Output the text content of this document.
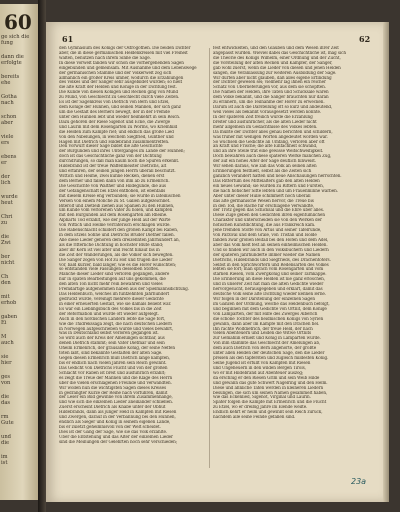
60
ge sich die
fung
dann die
erfolgte
bereits
ehe
Gotha
nach
schon
aber
viele
ers
ebens
er
der
lich
wurde
heut
Chri
zu
die
Zwi
ber
nicht
Ch
den
mit
erhob
gaben
Ei
M
auch
sie
hier
ges
von
die
das
rm
Gute
und
die
im
ist
61	62
den Gymnasium des Königs der Ostrogothen. Die beiden Dichter
aber, die in diese germanischen Heldenkreisen mit viel Freiheit
walten, benutzen nach ihrem Sinne die Sage.
In diese Vorwelt fanden wir schon die vorhergehenden Sagen
eingebunden und gemeinsam. Mit Ausnahme und dem Lebenswege
der germanischen Stämme und der Völkerwelt zog sich
allmählich ein großer Kreis umher, wodurch die Erzählungen
des Volkes und der Sänger sehr ausgebildet wurden; so hielt
die alte Kraft der Helden und Könige in der Dichtung fest.
Die Kunde von diesen Königen und Recken ging von Mund
zu Mund, von Geschlecht zu Geschlecht durch viele Zeiten.
Es ist der Sagenkreis von Dietrich von Bern und Etzel,
dem Könige der Hunnen, und seinen Mannen, der sich ganz
um die Gestalt des Berners bewegt, der in der Fremde
unter den Hunnen lebt und wieder heimkehrt in sein Reich.
Dazu gehören der Riese Sigenot und Ecke, die Zwerge
und Laurin mit dem Rosengarten zu Worms, wo Kriemhild
die Helden zum Kampfe rief; und endlich das große Lied
von den Nibelungen, in welchem Siegfried, Gunther und
Hagen mit Dietrich und Hildebrand zusammentreffen.
Den Vorwurf dieser Sage bildet die alte Geschichte
der Burgunden und ihres Unterganges im Lande der Hunnen;
doch ist das Geschichtliche ganz von der Dichtung
durchdrungen, so daß man kaum noch die Spuren erkennt.
Hildebrand ist der treue Waffenmeister Dietrichs, alt
und erfahren, der seinen jungen Herrn überall beschützt.
Wittich und Heime, zwei kühne Recken, dienen erst
dem Berner und fallen dann von ihm ab zu Ermenrich.
Die Geschichte von Walther und Hildegunde, die aus
der Gefangenschaft bei Etzel entflohen, ist ebenfalls
mit diesem Kreise eng verbunden; sie wurde in lateinischen
Versen von einem Mönche zu St. Gallen aufgezeichnet.
Biterolf und Dietleib ziehen aus Spanien zu den Hunnen,
um Kunde vom verlorenen Vater zu holen, und kämpfen
mit den Burgunden auf dem Rosengarten am Rheine.
Alpharts Tod erzählt, wie der junge Held auf der Warte
von Wittich und Heime verräterisch erschlagen wurde.
Die Rabenschlacht schildert den großen Kampf bei Raben,
in dem Etzels Söhne und Dietrichs Bruder Diether fallen.
Alle diese Lieder gehören dem dreizehnten Jahrhundert an,
als die ritterliche Dichtung in höchster Blüte stand;
aber ihr Kern ist viel älter und reicht hinauf bis in
die Zeit der Wanderungen, als die Völker sich bewegten.
Die Sänger zogen von Hof zu Hof und trugen die Lieder
vor, bald kürzer, bald länger, wie es die Hörer wünschten;
so entstanden viele Fassungen desselben Stoffes.
Manche dieser Lieder sind verloren gegangen, andere
nur in späten Bearbeitungen auf uns gekommen, die
den alten Ton nicht mehr rein bewahren und vieles
Fremdartige aufgenommen haben aus der Spielmannsdichtung.
Das Heldenbuch, welches im fünfzehnten Jahrhundert
gedruckt wurde, vereinigt mehrere dieser Gedichte
in einer erneuerten Gestalt, wie sie damals beliebt war.
Es war ein Lieblingsbuch des Volkes bis in die Zeit
der Reformation und wurde oft wieder aufgelegt.
Auch in den nordischen Ländern lebte die Sage fort,
wie die Thidrekssaga zeigt, die nach deutschen Liedern
in Norwegen aufgeschrieben wurde und vieles bewahrt,
was in Deutschland selbst verloren gegangen ist.
So wird auch der Kreis der Amelungen sichtbar, aus
denen Dietrich stammt; sein Vater Dietmar und sein
Oheim Ermenrich, der grausame König, der seine Neffen
töten läßt, sind bekannte Gestalten der alten Sage.
Gegen diesen Ermenrich muß Dietrich lange kämpfen,
bis er endlich nach vielen Jahren sein Reich gewinnt.
Das Gedicht von Dietrichs Flucht und von der großen
Schlacht vor Raben ist breit und ausführlich erzählt;
es zeigt die Treue der Mannen und die Klage des Herrn
über die vielen erschlagenen Freunde und Verwandten.
Wir wollen nun die wichtigsten Sagen dieses Kreises
in gedrängter Kürze der Reihe nach vorführen, damit
der Leser ein Bild gewinne von ihrem Zusammenhange,
und wie sich die einzelnen Lieder aneinander schließen.
Zuerst erscheint Dietrich als Knabe unter der Obhut
Hildebrands, dann als junger Held in Kämpfen mit Riesen
und Zwergen, darauf in der Verbannung bei den Hunnen,
endlich als Sieger und König in seinem eigenen Lande,
bis er zuletzt geheimnisvoll von der Welt scheidet.
Dies ist der Gang der Sage, wie sie das Volk erzählte.
Über die Entstehung und das Alter der einzelnen Lieder
sind die Meinungen der Gelehrten noch sehr verschieden;
fest entwickelten, und den Glauben und dem Wesen ihrer Zeit
angepasst wurden. Wieviel dabei das Geschichtliche ist, mag sich
die Theorie des Königs Wilhelm, einer Ordnung und der Zucht,
die Vorstellung der alten Recken und Kämpfer, der Sänger,
gab wohl zuerst, wenn die Lieder von diesen und jenen Helden
sangen, die Veranlassung zur weiteren Ausbildung der Sage.
Wir dürfen aber nicht glauben, daß alles eigene Erfindung
der Dichter gewesen sei; vielmehr lag ihnen ein reicher
Schatz von Überlieferungen vor, aus dem sie schöpften.
Die Namen der Helden, ihre Taten und Schicksale waren
dem Volke bekannt, und die Sänger brauchten nur daran
zu erinnern, um die Teilnahme der Hörer zu erwecken.
Darum ist auch die Darstellung oft so kurz und andeutend,
weil vieles als bekannt vorausgesetzt werden konnte.
In der späteren Zeit freilich wurde die Erzählung
breiter und ausführlicher, als die alten Lieder nicht
mehr allgemein im Gedächtnisse des Volkes lebten.
Da mußte der Dichter alles genau berichten und schildern,
was früher mit wenigen Worten angedeutet worden war.
So wuchsen die Gedichte an Umfang, verloren aber oft
an Kraft und Frische; die alte Einfachheit schwand,
und an ihre Stelle trat eine gewisse Weitschweifigkeit.
Doch bewahren auch diese späteren Werke manchen Zug,
der auf ein hohes Alter der Sage deutlich hinweist.
Wir sehen daraus, wie zäh das Volk an seinen alten
Erinnerungen festhielt, selbst als die Zeiten sich
gänzlich verändert hatten und neue Anschauungen herrschten.
Das Rittertum des Mittelalters gab den alten Helden
ein neues Gewand; sie wurden zu Rittern und Fürsten,
die nach höfischer Sitte lebten und um Frauenminne warben.
Aber unter dieser Hülle schimmert noch überall
das alte germanische Wesen hervor, die Treue bis
in den Tod, die Rache für erschlagene Verwandte,
der Trotz gegen das Schicksal und die Ehre über alles.
Diese Züge geben den Gedichten ihren eigentümlichen
Charakter und unterscheiden sie von den Werken der
höfischen Kunstdichtung, die aus Frankreich kam.
Jene fremden Stoffe von Artus und seiner Tafelrunde,
von Parzival und dem Grale, von Tristan und Isolde
fanden zwar großen Beifall bei den Höfen und dem Adel,
aber das Volk hielt fest an seinen einheimischen Helden.
Und so finden wir auch in den Volksbüchern und Liedern
der späteren Jahrhunderte immer wieder die Namen
Dietrichs, Hildebrands und Siegfrieds, des Drachentöters.
Selbst in den Sprichwörtern und Redensarten des Volkes
lebten sie fort; man sprach vom Rosengarten und vom
starken Riesen, vom Zwergkönig und seiner Tarnkappe.
Die Erinnerung an diese Helden ist nie ganz erloschen,
und in unserer Zeit hat man die alten Gedichte wieder
hervorgesucht, herausgegeben und erklärt, damit das
deutsche Volk seine alte Dichtung wieder kennen lerne.
Wir folgen in der Darstellung der einzelnen Sagen
im Ganzen der Ordnung, welche das Heldenbuch befolgt,
und beginnen mit dem Gedichte von Ortnit, dem Könige
von Lamparten, der mit Hilfe des Zwerges Alberich
die schöne Tochter des heidnischen Königs von Syrien
gewann, dann aber im Kampfe mit den Drachen fiel.
Ihn rächte Wolfdietrich, der treue Held, der nach
vielen Abenteuern und Leiden die Witwe Ortnits
zur Gemahlin erhielt und König in Lamparten wurde.
Von ihm stammte das Geschlecht der Amelungen ab,
dem auch Dietrich von Bern angehörte, der größte
unter allen Helden der deutschen Sage, den die Lieder
preisen als den tapfersten und zugleich mildesten König.
Seine Jugend ist erfüllt von Kämpfen mit Riesen
und Ungeheuern in den wilden Bergen Tirols,
wo er mit Hildebrand auf Abenteuer auszog;
da erschlug er den Riesen Grim und sein Weib Hilde
und gewann das gute Schwert Nagelring und den Helm.
Diese und ähnliche Taten werden in kleineren Liedern
besungen, die sich um seinen Namen gesammelt haben,
wie das Eckenlied, Sigenot, Virginal und Laurin.
Später folgen die Kämpfe mit Ermenrich und die Flucht
zu Etzel, wo er dreißig Jahre im Elende weilte.
Endlich kehrt er heim und gewinnt sein Reich zurück,
nachdem alle seine Feinde gefallen sind.
23a
